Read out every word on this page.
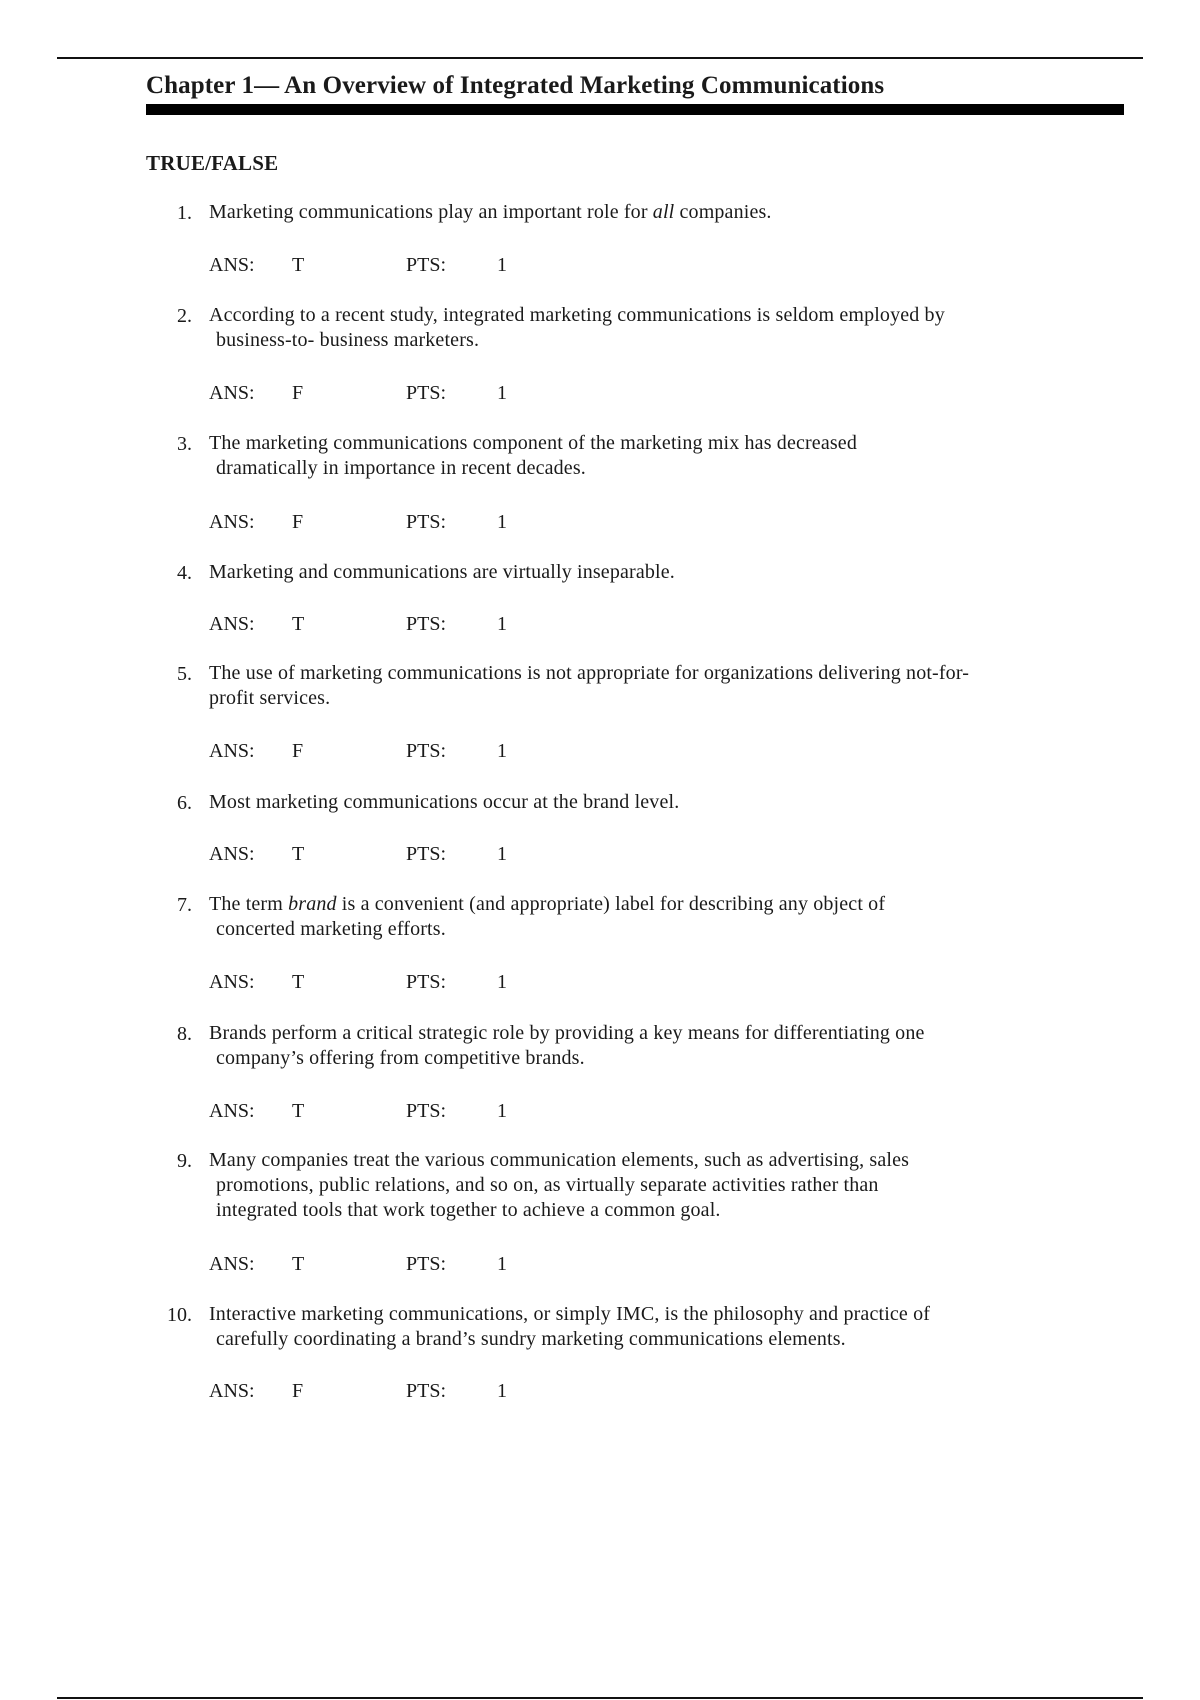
Chapter 1— An Overview of Integrated Marketing Communications
TRUE/FALSE
1. Marketing communications play an important role for all companies.
ANS: T	PTS:	1
2. According to a recent study, integrated marketing communications is seldom employed by
business-to- business marketers.
ANS: F	PTS:	1
3. The marketing communications component of the marketing mix has decreased
dramatically in importance in recent decades.
ANS: F	PTS:	1
4. Marketing and communications are virtually inseparable.
ANS: T	PTS:	1
5. The use of marketing communications is not appropriate for organizations delivering not-for-
profit services.
ANS: F	PTS:	1
6. Most marketing communications occur at the brand level.
ANS: T	PTS:	1
7. The term brand is a convenient (and appropriate) label for describing any object of
concerted marketing efforts.
ANS: T	PTS:	1
8. Brands perform a critical strategic role by providing a key means for differentiating one
company’s offering from competitive brands.
ANS: T	PTS:	1
9. Many companies treat the various communication elements, such as advertising, sales
promotions, public relations, and so on, as virtually separate activities rather than
integrated tools that work together to achieve a common goal.
ANS: T	PTS:	1
10. Interactive marketing communications, or simply IMC, is the philosophy and practice of
carefully coordinating a brand’s sundry marketing communications elements.
ANS: F	PTS:	1
